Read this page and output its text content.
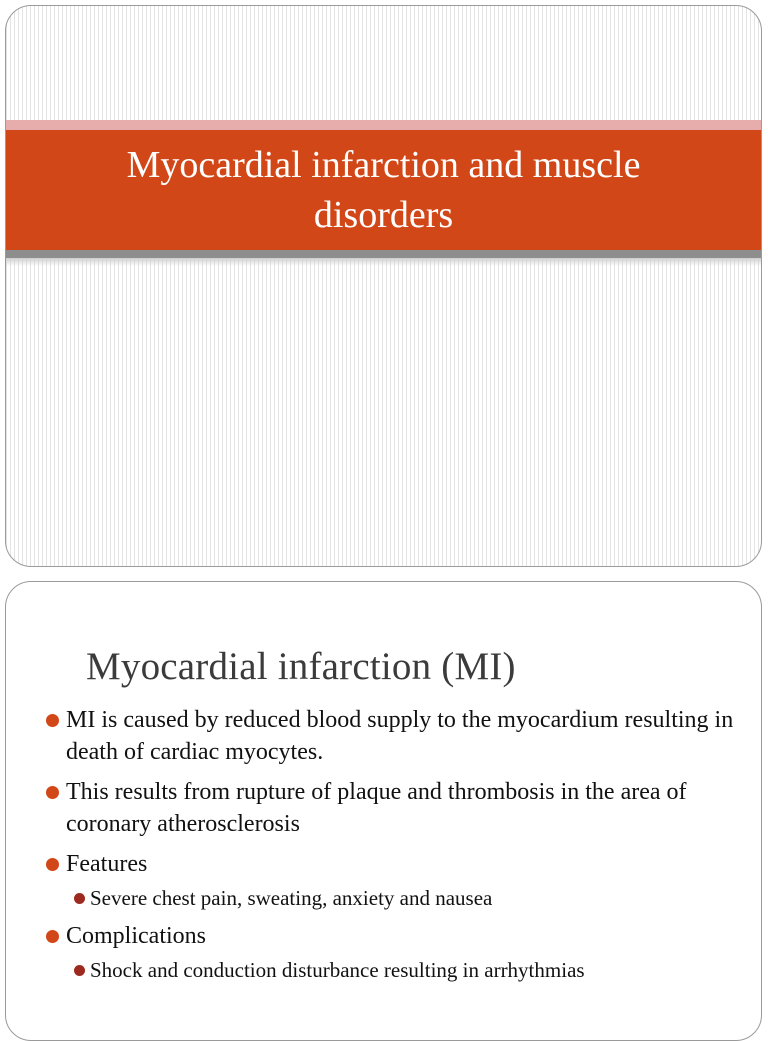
Myocardial infarction and muscle disorders
Myocardial infarction (MI)
MI is caused by reduced blood supply to the myocardium resulting in death of cardiac myocytes.
This results from rupture of plaque and thrombosis in the area of coronary atherosclerosis
Features
Severe chest pain, sweating, anxiety and nausea
Complications
Shock and conduction disturbance resulting in arrhythmias
